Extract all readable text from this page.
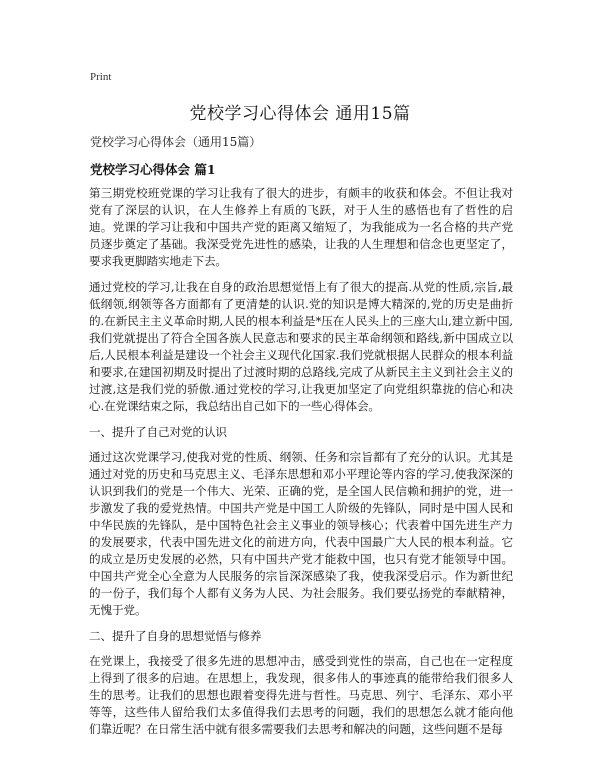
Print
党校学习心得体会 通用15篇
党校学习心得体会（通用15篇）
党校学习心得体会 篇1

第三期党校班党课的学习让我有了很大的进步，有颇丰的收获和体会。不但让我对党有了深层的认识，在人生修养上有质的飞跃，对于人生的感悟也有了哲性的启迪。党课的学习让我和中国共产党的距离又缩短了，为我能成为一名合格的共产党员逐步奠定了基础。我深受党先进性的感染，让我的人生理想和信念也更坚定了，要求我更脚踏实地走下去。

通过党校的学习,让我在自身的政治思想觉悟上有了很大的提高.从党的性质,宗旨,最低纲领,纲领等各方面都有了更清楚的认识.党的知识是博大精深的,党的历史是曲折的.在新民主主义革命时期,人民的根本利益是*压在人民头上的三座大山,建立新中国,我们党就提出了符合全国各族人民意志和要求的民主革命纲领和路线,新中国成立以后,人民根本利益是建设一个社会主义现代化国家.我们党就根据人民群众的根本利益和要求,在建国初期及时提出了过渡时期的总路线,完成了从新民主主义到社会主义的过渡,这是我们党的骄傲.通过党校的学习,让我更加坚定了向党组织靠拢的信心和决心.在党课结束之际，我总结出自己如下的一些心得体会。

一、提升了自己对党的认识

通过这次党课学习,使我对党的性质、纲领、任务和宗旨都有了充分的认识。尤其是通过对党的历史和马克思主义、毛泽东思想和邓小平理论等内容的学习,使我深深的认识到我们的党是一个伟大、光荣、正确的党，是全国人民信赖和拥护的党，进一步激发了我的爱党热情。中国共产党是中国工人阶级的先锋队，同时是中国人民和中华民族的先锋队，是中国特色社会主义事业的领导核心；代表着中国先进生产力的发展要求，代表中国先进文化的前进方向，代表中国最广大人民的根本利益。它的成立是历史发展的必然，只有中国共产党才能救中国，也只有党才能领导中国。中国共产党全心全意为人民服务的宗旨深深感染了我，使我深受启示。作为新世纪的一份子，我们每个人都有义务为人民、为社会服务。我们要弘扬党的奉献精神，无愧于党。

二、提升了自身的思想觉悟与修养

在党课上，我接受了很多先进的思想冲击，感受到党性的崇高，自己也在一定程度上得到了很多的启迪。在思想上，我发现，很多伟人的事迹真的能带给我们很多人生的思考。让我们的思想也跟着变得先进与哲性。马克思、列宁、毛泽东、邓小平等等，这些伟人留给我们太多值得我们去思考的问题，我们的思想怎么就才能向他们靠近呢？在日常生活中就有很多需要我们去思考和解决的问题，这些问题不是每
